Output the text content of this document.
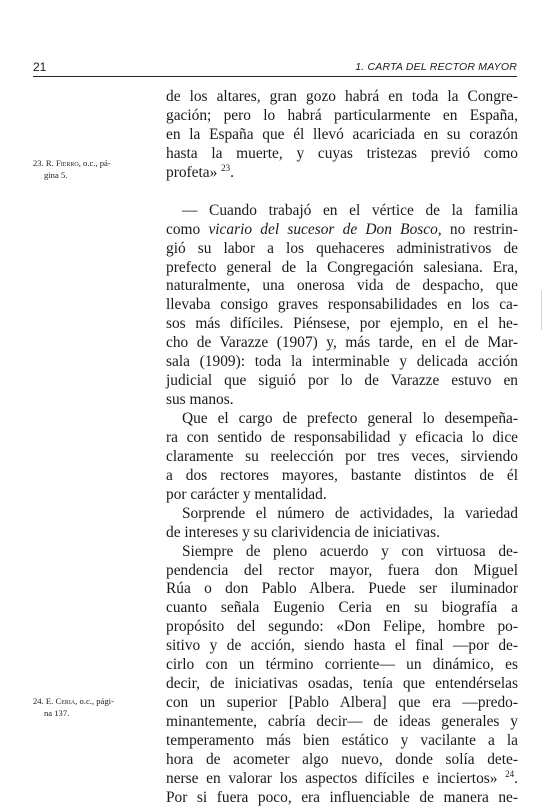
21	1. CARTA DEL RECTOR MAYOR
23. R. Fierro, o.c., pá-
gina 5.
24. E. Ceria, o.c., pági-
na 137.
de los altares, gran gozo habrá en toda la Congre-
gación; pero lo habrá particularmente en España,
en la España que él llevó acariciada en su corazón
hasta la muerte, y cuyas tristezas previó como
profeta» $^{23}$.
— Cuando trabajó en el vértice de la familia
como vicario del sucesor de Don Bosco, no restrin-
gió su labor a los quehaceres administrativos de
prefecto general de la Congregación salesiana. Era,
naturalmente, una onerosa vida de despacho, que
llevaba consigo graves responsabilidades en los ca-
sos más difíciles. Piénsese, por ejemplo, en el he-
cho de Varazze (1907) y, más tarde, en el de Mar-
sala (1909): toda la interminable y delicada acción
judicial que siguió por lo de Varazze estuvo en
sus manos.
Que el cargo de prefecto general lo desempeña-
ra con sentido de responsabilidad y eficacia lo dice
claramente su reelección por tres veces, sirviendo
a dos rectores mayores, bastante distintos de él
por carácter y mentalidad.
Sorprende el número de actividades, la variedad
de intereses y su clarividencia de iniciativas.
Siempre de pleno acuerdo y con virtuosa de-
pendencia del rector mayor, fuera don Miguel
Rúa o don Pablo Albera. Puede ser iluminador
cuanto señala Eugenio Ceria en su biografía a
propósito del segundo: «Don Felipe, hombre po-
sitivo y de acción, siendo hasta el final —por de-
cirlo con un término corriente— un dinámico, es
decir, de iniciativas osadas, tenía que entendérselas
con un superior [Pablo Albera] que era —predo-
minantemente, cabría decir— de ideas generales y
temperamento más bien estático y vacilante a la
hora de acometer algo nuevo, donde solía dete-
nerse en valorar los aspectos difíciles e inciertos» $^{24}$.
Por si fuera poco, era influenciable de manera ne-
